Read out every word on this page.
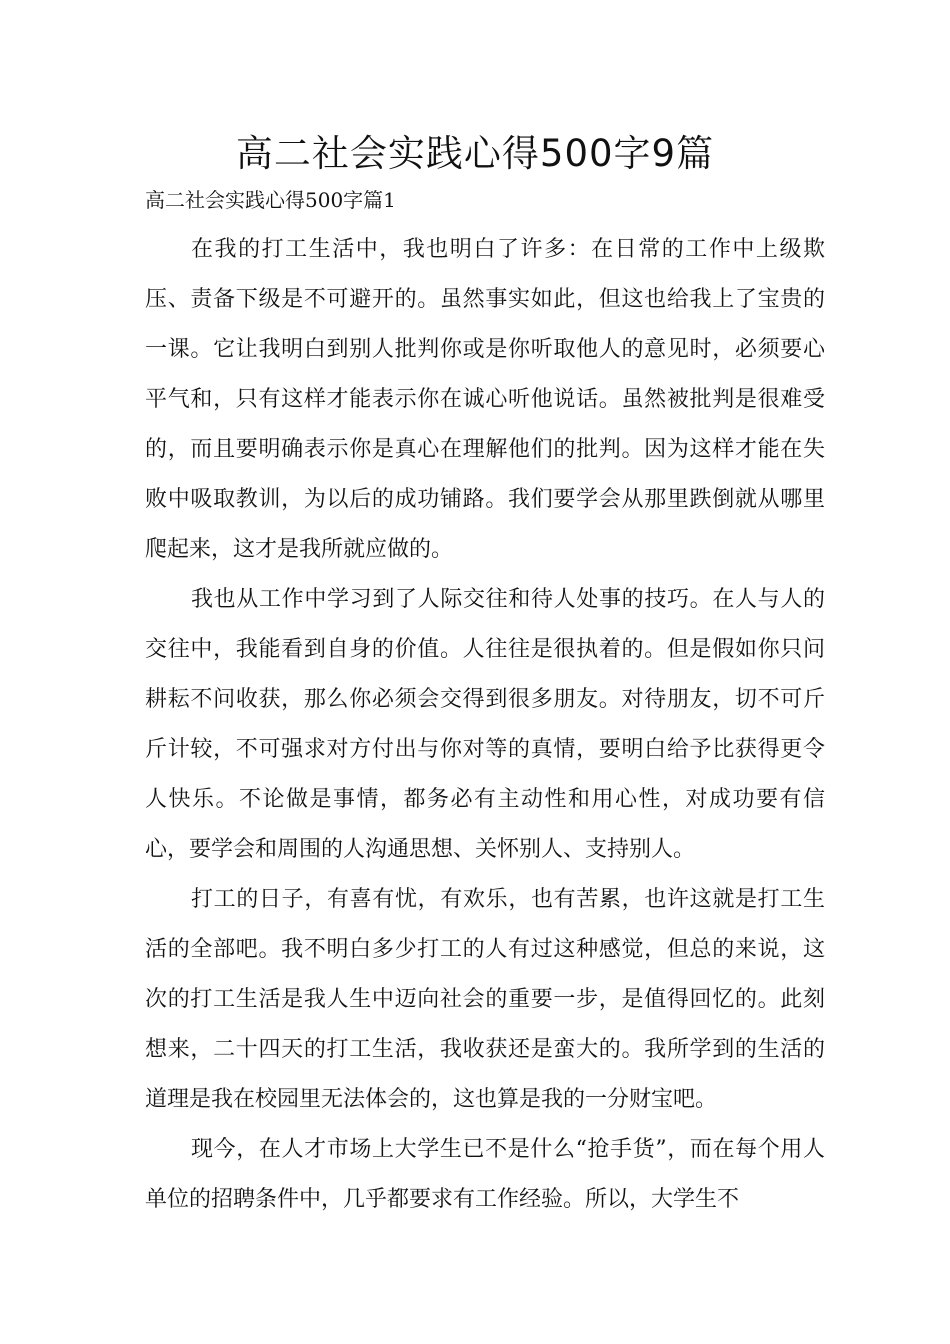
高二社会实践心得500字9篇
高二社会实践心得500字篇1

在我的打工生活中，我也明白了许多：在日常的工作中上级欺压、责备下级是不可避开的。虽然事实如此，但这也给我上了宝贵的一课。它让我明白到别人批判你或是你听取他人的意见时，必须要心平气和，只有这样才能表示你在诚心听他说话。虽然被批判是很难受的，而且要明确表示你是真心在理解他们的批判。因为这样才能在失败中吸取教训，为以后的成功铺路。我们要学会从那里跌倒就从哪里爬起来，这才是我所就应做的。

我也从工作中学习到了人际交往和待人处事的技巧。在人与人的交往中，我能看到自身的价值。人往往是很执着的。但是假如你只问耕耘不问收获，那么你必须会交得到很多朋友。对待朋友，切不可斤斤计较，不可强求对方付出与你对等的真情，要明白给予比获得更令人快乐。不论做是事情，都务必有主动性和用心性，对成功要有信心，要学会和周围的人沟通思想、关怀别人、支持别人。

打工的日子，有喜有忧，有欢乐，也有苦累，也许这就是打工生活的全部吧。我不明白多少打工的人有过这种感觉，但总的来说，这次的打工生活是我人生中迈向社会的重要一步，是值得回忆的。此刻想来，二十四天的打工生活，我收获还是蛮大的。我所学到的生活的道理是我在校园里无法体会的，这也算是我的一分财宝吧。

现今，在人才市场上大学生已不是什么“抢手货”，而在每个用人单位的招聘条件中，几乎都要求有工作经验。所以，大学生不
